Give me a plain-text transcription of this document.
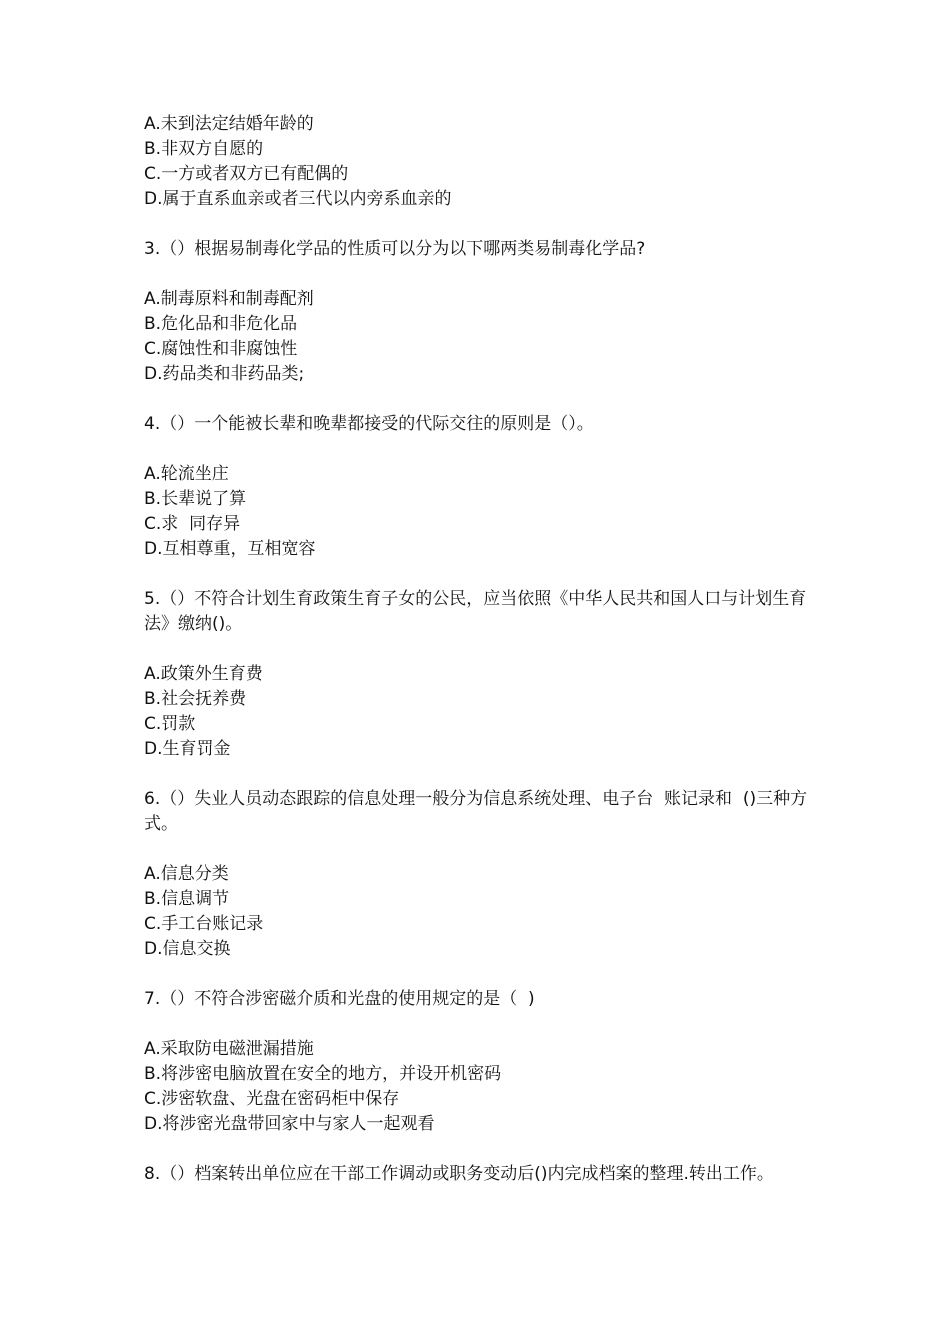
A.未到法定结婚年龄的
B.非双方自愿的
C.一方或者双方已有配偶的
D.属于直系血亲或者三代以内旁系血亲的
3.（）根据易制毒化学品的性质可以分为以下哪两类易制毒化学品?
A.制毒原料和制毒配剂
B.危化品和非危化品
C.腐蚀性和非腐蚀性
D.药品类和非药品类;
4.（）一个能被长辈和晚辈都接受的代际交往的原则是（）。
A.轮流坐庄
B.长辈说了算
C.求  同存异
D.互相尊重，互相宽容
5.（）不符合计划生育政策生育子女的公民，应当依照《中华人民共和国人口与计划生育法》缴纳()。
A.政策外生育费
B.社会抚养费
C.罚款
D.生育罚金
6.（）失业人员动态跟踪的信息处理一般分为信息系统处理、电子台  账记录和  ()三种方式。
A.信息分类
B.信息调节
C.手工台账记录
D.信息交换
7.（）不符合涉密磁介质和光盘的使用规定的是（  )
A.采取防电磁泄漏措施
B.将涉密电脑放置在安全的地方，并设开机密码
C.涉密软盘、光盘在密码柜中保存
D.将涉密光盘带回家中与家人一起观看
8.（）档案转出单位应在干部工作调动或职务变动后()内完成档案的整理.转出工作。
